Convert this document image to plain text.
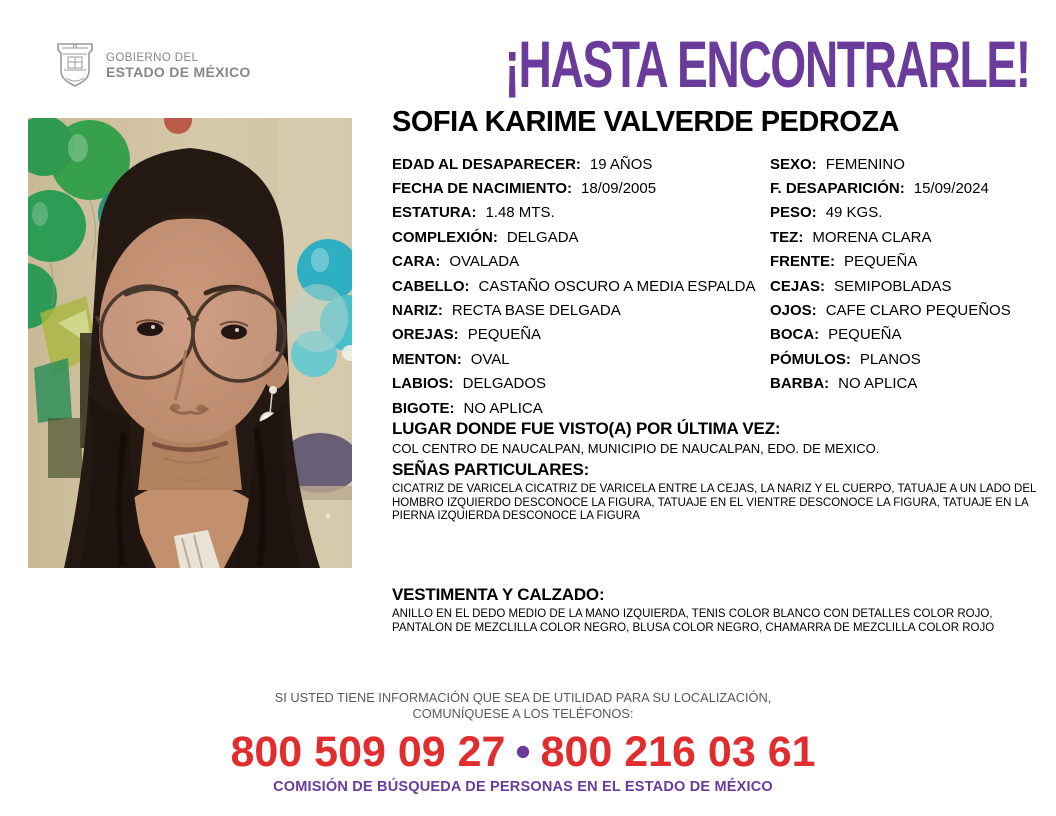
GOBIERNO DEL
ESTADO DE MÉXICO	¡HASTA ENCONTRARLE!
SOFIA KARIME VALVERDE PEDROZA
EDAD AL DESAPARECER: 19 AÑOS
FECHA DE NACIMIENTO: 18/09/2005
ESTATURA: 1.48 MTS.
COMPLEXIÓN: DELGADA
CARA: OVALADA
CABELLO: CASTAÑO OSCURO A MEDIA ESPALDA
NARIZ: RECTA BASE DELGADA
OREJAS: PEQUEÑA
MENTON: OVAL
LABIOS: DELGADOS
BIGOTE: NO APLICA
SEXO: FEMENINO
F. DESAPARICIÓN: 15/09/2024
PESO: 49 KGS.
TEZ: MORENA CLARA
FRENTE: PEQUEÑA
CEJAS: SEMIPOBLADAS
OJOS: CAFE CLARO PEQUEÑOS
BOCA: PEQUEÑA
PÓMULOS: PLANOS
BARBA: NO APLICA
LUGAR DONDE FUE VISTO(A) POR ÚLTIMA VEZ:
COL CENTRO DE NAUCALPAN, MUNICIPIO DE NAUCALPAN, EDO. DE MEXICO.
SEÑAS PARTICULARES:
CICATRIZ DE VARICELA CICATRIZ DE VARICELA ENTRE LA CEJAS, LA NARIZ Y EL CUERPO, TATUAJE A UN LADO DEL HOMBRO IZQUIERDO DESCONOCE LA FIGURA, TATUAJE EN EL VIENTRE DESCONOCE LA FIGURA, TATUAJE EN LA PIERNA IZQUIERDA DESCONOCE LA FIGURA
VESTIMENTA Y CALZADO:
ANILLO EN EL DEDO MEDIO DE LA MANO IZQUIERDA, TENIS COLOR BLANCO CON DETALLES COLOR ROJO, PANTALON DE MEZCLILLA COLOR NEGRO, BLUSA COLOR NEGRO, CHAMARRA DE MEZCLILLA COLOR ROJO
SI USTED TIENE INFORMACIÓN QUE SEA DE UTILIDAD PARA SU LOCALIZACIÓN,
COMUNÍQUESE A LOS TELÉFONOS:
800 509 09 27 • 800 216 03 61
COMISIÓN DE BÚSQUEDA DE PERSONAS EN EL ESTADO DE MÉXICO
